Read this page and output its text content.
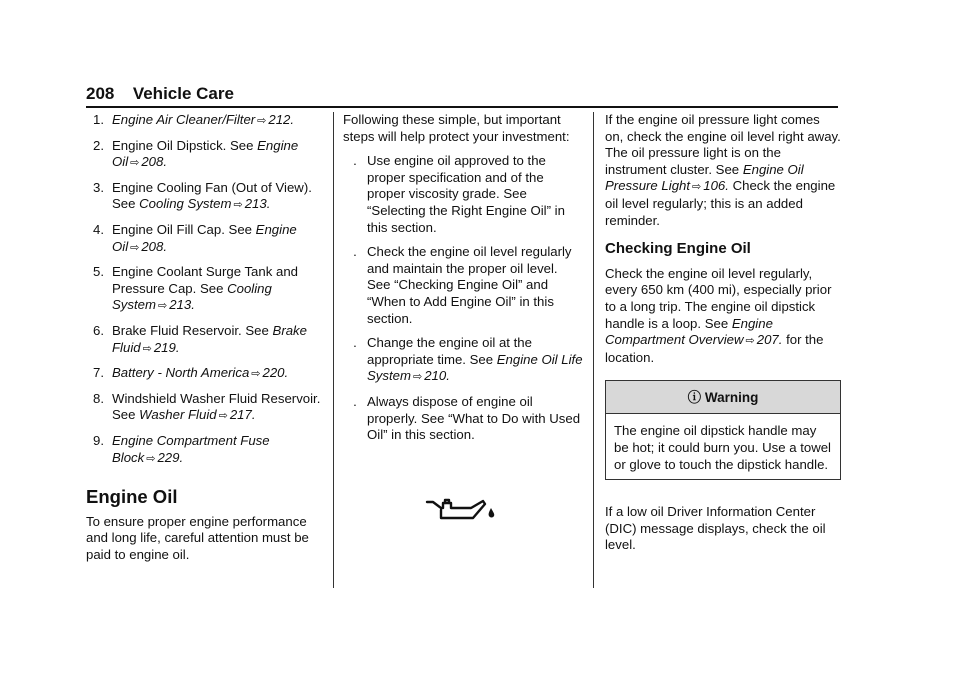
208 Vehicle Care
1. Engine Air Cleaner/Filter ⇨ 212.
2. Engine Oil Dipstick. See Engine Oil ⇨ 208.
3. Engine Cooling Fan (Out of View). See Cooling System ⇨ 213.
4. Engine Oil Fill Cap. See Engine Oil ⇨ 208.
5. Engine Coolant Surge Tank and Pressure Cap. See Cooling System ⇨ 213.
6. Brake Fluid Reservoir. See Brake Fluid ⇨ 219.
7. Battery - North America ⇨ 220.
8. Windshield Washer Fluid Reservoir. See Washer Fluid ⇨ 217.
9. Engine Compartment Fuse Block ⇨ 229.
Engine Oil

To ensure proper engine performance and long life, careful attention must be paid to engine oil.

Following these simple, but important steps will help protect your investment:

. Use engine oil approved to the proper specification and of the proper viscosity grade. See “Selecting the Right Engine Oil” in this section.
. Check the engine oil level regularly and maintain the proper oil level. See “Checking Engine Oil” and “When to Add Engine Oil” in this section.
. Change the engine oil at the appropriate time. See Engine Oil Life System ⇨ 210.
. Always dispose of engine oil properly. See “What to Do with Used Oil” in this section.

If the engine oil pressure light comes on, check the engine oil level right away. The oil pressure light is on the instrument cluster. See Engine Oil Pressure Light ⇨ 106. Check the engine oil level regularly; this is an added reminder.

Checking Engine Oil

Check the engine oil level regularly, every 650 km (400 mi), especially prior to a long trip. The engine oil dipstick handle is a loop. See Engine Compartment Overview ⇨ 207. for the location.

ⓘ Warning
The engine oil dipstick handle may be hot; it could burn you. Use a towel or glove to touch the dipstick handle.

If a low oil Driver Information Center (DIC) message displays, check the oil level.
